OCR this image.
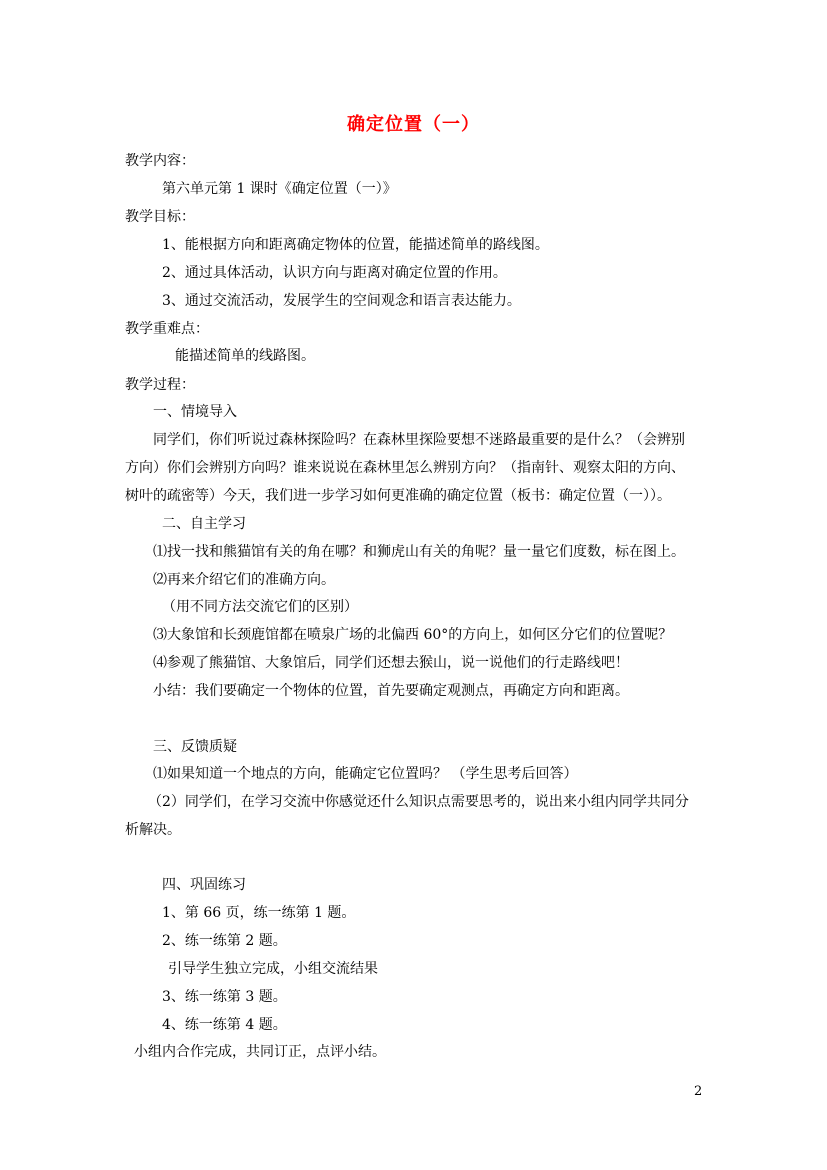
确定位置（一）
教学内容：
第六单元第 1 课时《确定位置（一）》
教学目标：
1、能根据方向和距离确定物体的位置，能描述简单的路线图。
2、通过具体活动，认识方向与距离对确定位置的作用。
3、通过交流活动，发展学生的空间观念和语言表达能力。
教学重难点：
能描述简单的线路图。
教学过程：
一、情境导入
同学们，你们听说过森林探险吗？在森林里探险要想不迷路最重要的是什么？（会辨别
方向）你们会辨别方向吗？谁来说说在森林里怎么辨别方向？（指南针、观察太阳的方向、
树叶的疏密等）今天，我们进一步学习如何更准确的确定位置（板书：确定位置（一））。
二、自主学习
⑴找一找和熊猫馆有关的角在哪？和狮虎山有关的角呢？量一量它们度数，标在图上。
⑵再来介绍它们的准确方向。
（用不同方法交流它们的区别）
⑶大象馆和长颈鹿馆都在喷泉广场的北偏西 60°的方向上，如何区分它们的位置呢？
⑷参观了熊猫馆、大象馆后，同学们还想去猴山，说一说他们的行走路线吧！
小结：我们要确定一个物体的位置，首先要确定观测点，再确定方向和距离。
三、反馈质疑
⑴如果知道一个地点的方向，能确定它位置吗？ （学生思考后回答）
（2）同学们，在学习交流中你感觉还什么知识点需要思考的，说出来小组内同学共同分
析解决。
四、巩固练习
1、第 66 页，练一练第 1 题。
2、练一练第 2 题。
引导学生独立完成，小组交流结果
3、练一练第 3 题。
4、练一练第 4 题。
小组内合作完成，共同订正，点评小结。
2
